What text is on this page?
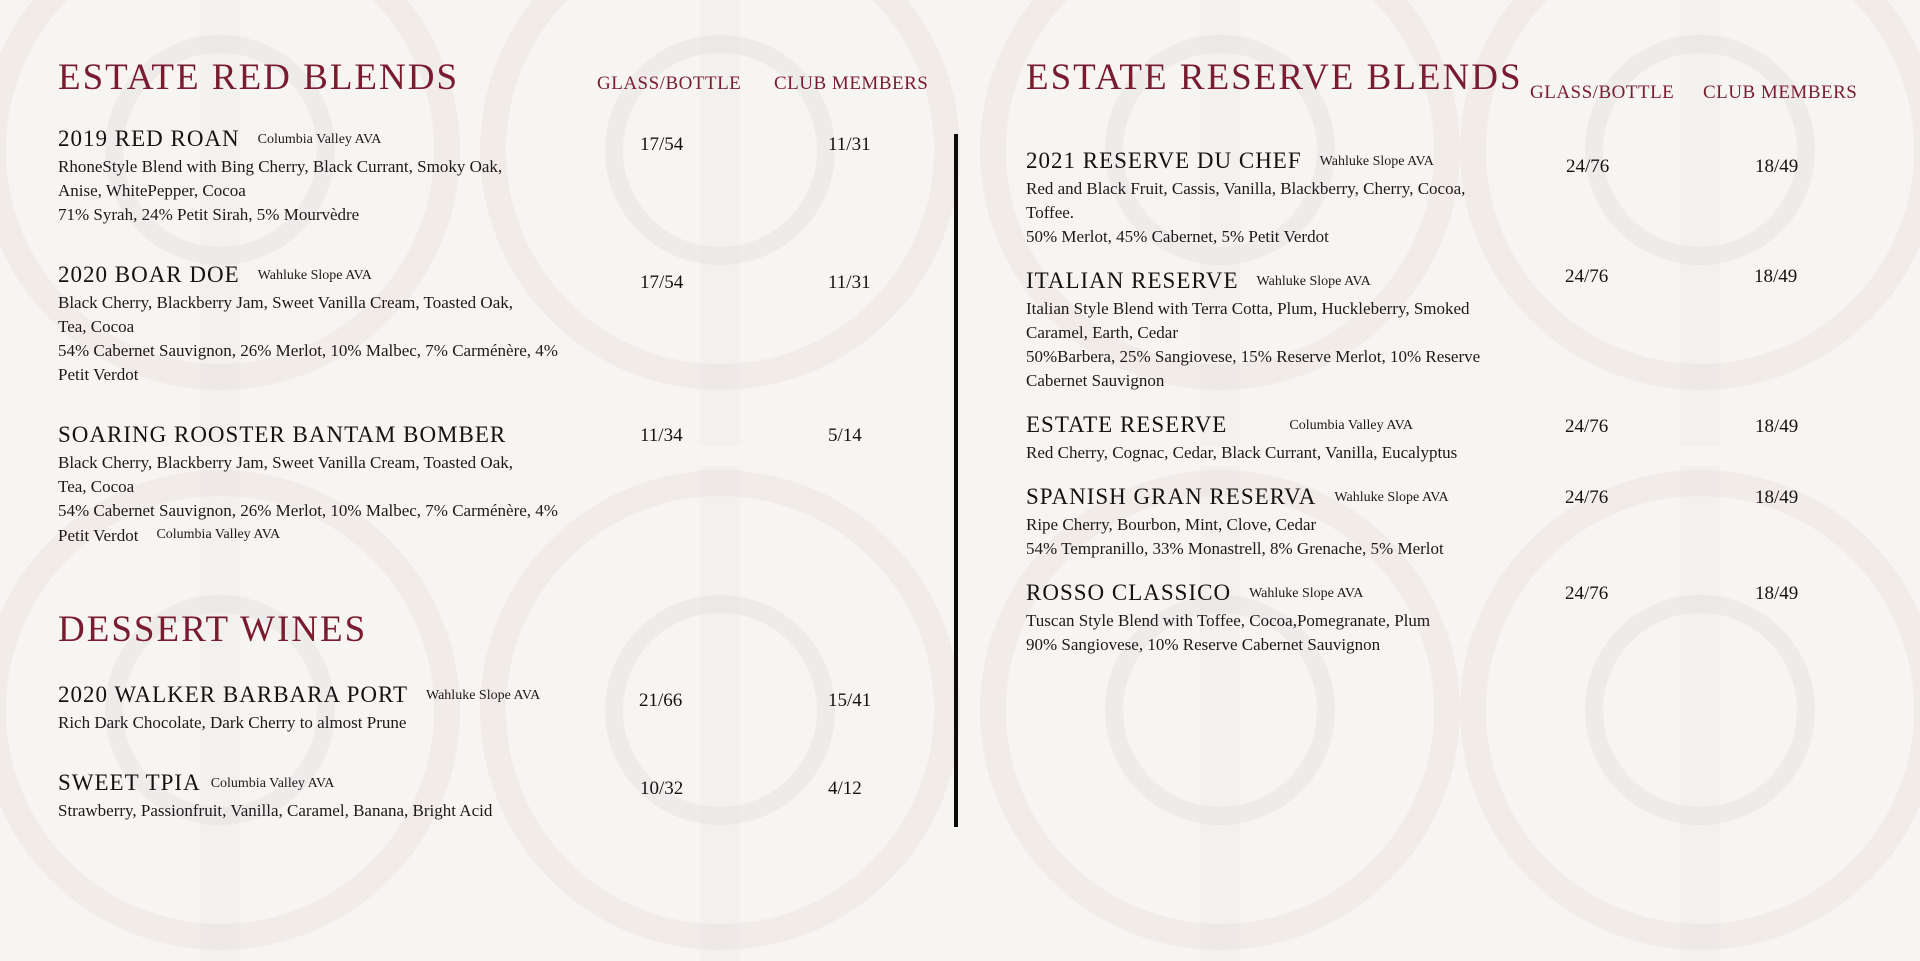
ESTATE RED BLENDS	GLASS/BOTTLE CLUB MEMBERS
2019 RED ROAN Columbia Valley AVA
RhoneStyle Blend with Bing Cherry, Black Currant, Smoky Oak,
Anise, WhitePepper, Cocoa
71% Syrah, 24% Petit Sirah, 5% Mourvèdre
17/54	11/31
2020 BOAR DOE Wahluke Slope AVA
Black Cherry, Blackberry Jam, Sweet Vanilla Cream, Toasted Oak,
Tea, Cocoa
54% Cabernet Sauvignon, 26% Merlot, 10% Malbec, 7% Carménère, 4%
Petit Verdot
17/54	11/31
SOARING ROOSTER BANTAM BOMBER
Black Cherry, Blackberry Jam, Sweet Vanilla Cream, Toasted Oak,
Tea, Cocoa
54% Cabernet Sauvignon, 26% Merlot, 10% Malbec, 7% Carménère, 4%
Petit Verdot Columbia Valley AVA
11/34	5/14
DESSERT WINES
2020 WALKER BARBARA PORT Wahluke Slope AVA
Rich Dark Chocolate, Dark Cherry to almost Prune
21/66	15/41
SWEET TPIA Columbia Valley AVA
Strawberry, Passionfruit, Vanilla, Caramel, Banana, Bright Acid
10/32	4/12
ESTATE RESERVE BLENDS GLASS/BOTTLE CLUB MEMBERS
2021 RESERVE DU CHEF Wahluke Slope AVA
Red and Black Fruit, Cassis, Vanilla, Blackberry, Cherry, Cocoa,
Toffee.
50% Merlot, 45% Cabernet, 5% Petit Verdot
24/76	18/49
ITALIAN RESERVE Wahluke Slope AVA
Italian Style Blend with Terra Cotta, Plum, Huckleberry, Smoked
Caramel, Earth, Cedar
50%Barbera, 25% Sangiovese, 15% Reserve Merlot, 10% Reserve
Cabernet Sauvignon
24/76	18/49
ESTATE RESERVE	Columbia Valley AVA
Red Cherry, Cognac, Cedar, Black Currant, Vanilla, Eucalyptus
24/76	18/49
SPANISH GRAN RESERVA Wahluke Slope AVA
Ripe Cherry, Bourbon, Mint, Clove, Cedar
54% Tempranillo, 33% Monastrell, 8% Grenache, 5% Merlot
24/76	18/49
ROSSO CLASSICO Wahluke Slope AVA
Tuscan Style Blend with Toffee, Cocoa,Pomegranate, Plum
90% Sangiovese, 10% Reserve Cabernet Sauvignon
24/76	18/49
